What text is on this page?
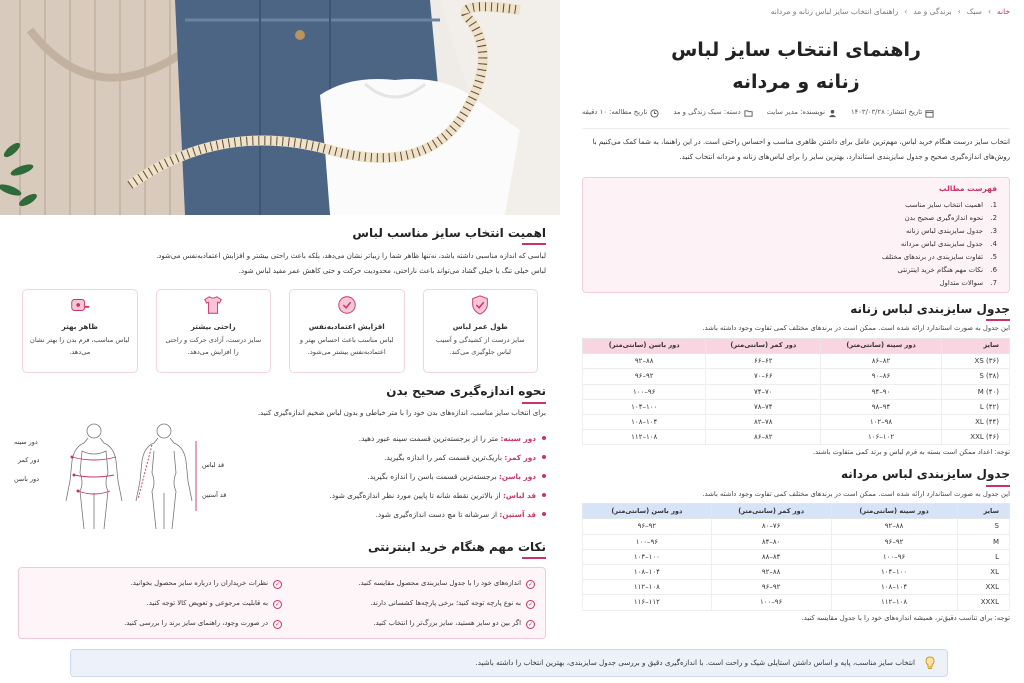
خانه
›
سبک
›
برندگی و مد
›
راهنمای انتخاب سایز لباس زنانه و مردانه
راهنمای انتخاب سایز لباس
زنانه و مردانه
تاریخ انتشار: ۱۴۰۳/۰۳/۲۸
نویسنده: مدیر سایت
دسته: سبک زندگی و مد
تاریخ مطالعه: ۱۰ دقیقه

انتخاب سایز درست هنگام خرید لباس، مهم‌ترین عامل برای داشتن ظاهری مناسب و احساس راحتی است. در این راهنما، به شما کمک می‌کنیم با روش‌های اندازه‌گیری صحیح و جدول سایزبندی استاندارد، بهترین سایز را برای لباس‌های زنانه و مردانه انتخاب کنید.

فهرست مطالب
1.اهمیت انتخاب سایز مناسب
2.نحوه اندازه‌گیری صحیح بدن
3.جدول سایزبندی لباس زنانه
4.جدول سایزبندی لباس مردانه
5.تفاوت سایزبندی در برندهای مختلف
6.نکات مهم هنگام خرید اینترنتی
7.سوالات متداول
جدول سایزبندی لباس زنانه

این جدول به صورت استاندارد ارائه شده است. ممکن است در برندهای مختلف کمی تفاوت وجود داشته باشد.

سایز	دور سینه (سانتی‌متر)	دور کمر (سانتی‌متر)	دور باسن (سانتی‌متر)
XS (۳۶)	۸۲–۸۶	۶۲–۶۶	۸۸–۹۲
S (۳۸)	۸۶–۹۰	۶۶–۷۰	۹۲–۹۶
M (۴۰)	۹۰–۹۴	۷۰–۷۴	۹۶–۱۰۰
L (۴۲)	۹۴–۹۸	۷۴–۷۸	۱۰۰–۱۰۴
XL (۴۴)	۹۸–۱۰۲	۷۸–۸۲	۱۰۴–۱۰۸
XXL (۴۶)	۱۰۲–۱۰۶	۸۲–۸۶	۱۰۸–۱۱۲

توجه: اعداد ممکن است بسته به فرم لباس و برند کمی متفاوت باشند.

جدول سایزبندی لباس مردانه

این جدول به صورت استاندارد ارائه شده است. ممکن است در برندهای مختلف کمی تفاوت وجود داشته باشد.

سایز	دور سینه (سانتی‌متر)	دور کمر (سانتی‌متر)	دور باسن (سانتی‌متر)
S	۸۸–۹۲	۷۶–۸۰	۹۲–۹۶
M	۹۲–۹۶	۸۰–۸۴	۹۶–۱۰۰
L	۹۶–۱۰۰	۸۴–۸۸	۱۰۰–۱۰۴
XL	۱۰۰–۱۰۴	۸۸–۹۲	۱۰۴–۱۰۸
XXL	۱۰۴–۱۰۸	۹۲–۹۶	۱۰۸–۱۱۲
XXXL	۱۰۸–۱۱۲	۹۶–۱۰۰	۱۱۲–۱۱۶

توجه: برای تناسب دقیق‌تر، همیشه اندازه‌های خود را با جدول مقایسه کنید.

اهمیت انتخاب سایز مناسب لباس

لباسی که اندازه مناسبی داشته باشد، نه‌تنها ظاهر شما را زیباتر نشان می‌دهد، بلکه باعث راحتی بیشتر و افزایش اعتماد‌به‌نفس می‌شود.

لباس خیلی تنگ یا خیلی گشاد می‌تواند باعث ناراحتی، محدودیت حرکت و حتی کاهش عمر مفید لباس شود.

طول عمر لباس
سایز درست از کشیدگی و آسیب لباس جلوگیری می‌کند.
افزایش اعتمادبه‌نفس
لباس مناسب باعث احساس بهتر و اعتمادبه‌نفس بیشتر می‌شود.
راحتی بیشتر
سایز درست، آزادی حرکت و راحتی را افزایش می‌دهد.
ظاهر بهتر
لباس مناسب، فرم بدن را بهتر نشان می‌دهد.
نحوه اندازه‌گیری صحیح بدن

برای انتخاب سایز مناسب، اندازه‌های بدن خود را با متر خیاطی و بدون لباس ضخیم اندازه‌گیری کنید.

دور سینه:

متر را از برجسته‌ترین قسمت سینه عبور دهید.
دور کمر:

باریک‌ترین قسمت کمر را اندازه بگیرید.
دور باسن:

برجسته‌ترین قسمت باسن را اندازه بگیرید.
قد لباس:

از بالاترین نقطه شانه تا پایین مورد نظر اندازه‌گیری شود.
قد آستین:

از سرشانه تا مچ دست اندازه‌گیری شود.
دور سینه
دور کمر
دور باسن
قد لباس
قد آستین
نکات مهم هنگام خرید اینترنتی
✓
اندازه‌های خود را با جدول سایزبندی محصول مقایسه کنید.
✓
نظرات خریداران را درباره سایز محصول بخوانید.
✓
به نوع پارچه توجه کنید؛ برخی پارچه‌ها کشسانی دارند.
✓
به قابلیت مرجوعی و تعویض کالا توجه کنید.
✓
اگر بین دو سایز هستید، سایز بزرگ‌تر را انتخاب کنید.
✓
در صورت وجود، راهنمای سایز برند را بررسی کنید.
انتخاب سایز مناسب، پایه و اساس داشتن استایلی شیک و راحت است. با اندازه‌گیری دقیق و بررسی جدول سایزبندی، بهترین انتخاب را داشته باشید.
